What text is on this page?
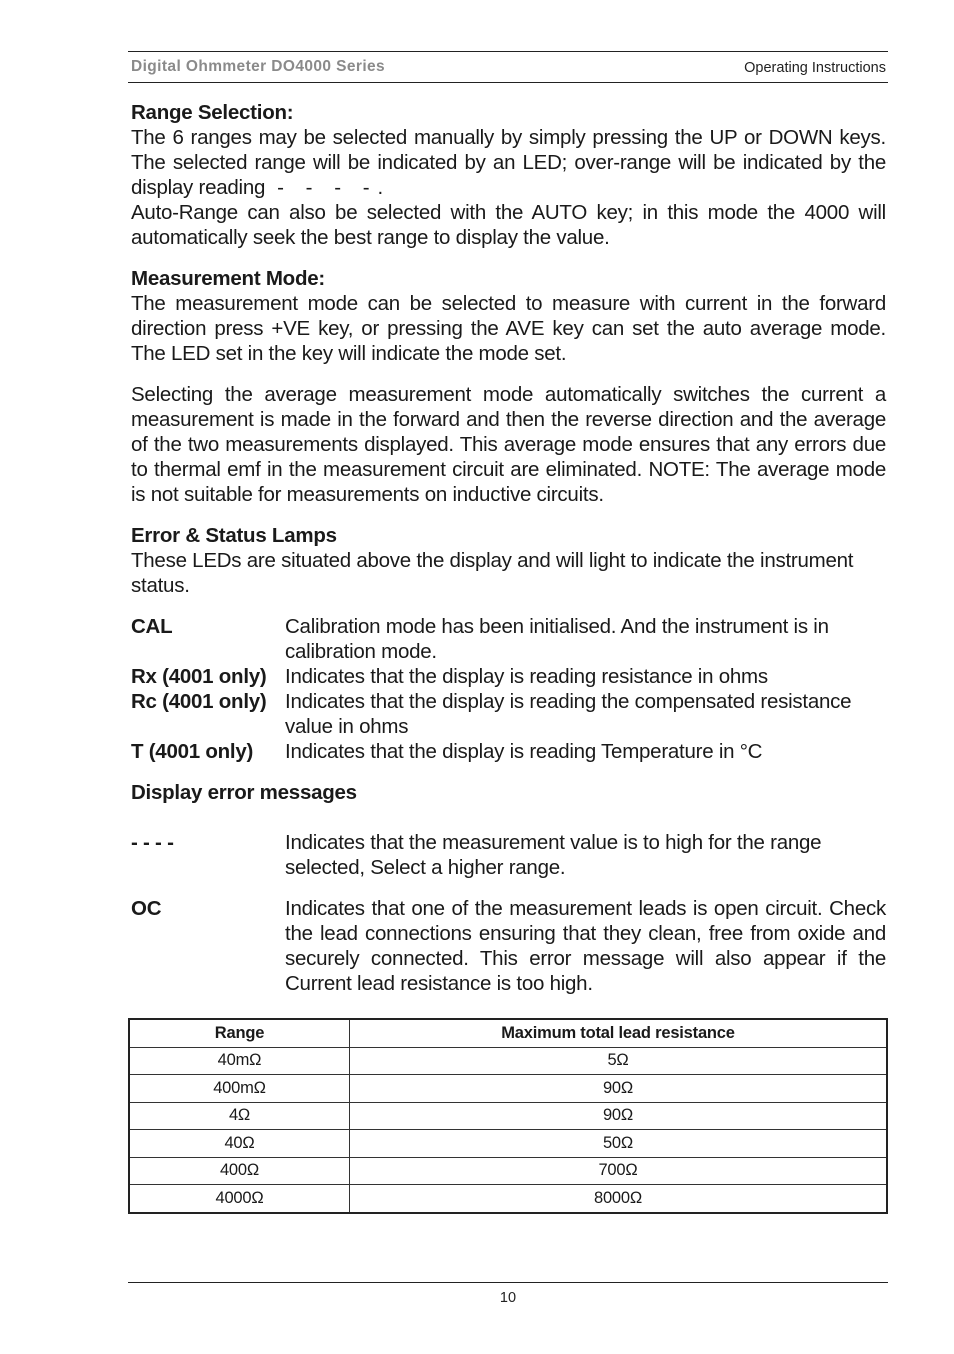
Digital Ohmmeter DO4000 Series	Operating Instructions
Range Selection:

The 6 ranges may be selected manually by simply pressing the UP or DOWN keys. The selected range will be indicated by an LED; over-range will be indicated by the display reading - - - -.

Auto-Range can also be selected with the AUTO key; in this mode the 4000 will automatically seek the best range to display the value.

Measurement Mode:

The measurement mode can be selected to measure with current in the forward direction press +VE key, or pressing the AVE key can set the auto average mode. The LED set in the key will indicate the mode set.

Selecting the average measurement mode automatically switches the current a measurement is made in the forward and then the reverse direction and the average of the two measurements displayed. This average mode ensures that any errors due to thermal emf in the measurement circuit are eliminated. NOTE: The average mode is not suitable for measurements on inductive circuits.

Error & Status Lamps

These LEDs are situated above the display and will light to indicate the instrument status.

CAL	Calibration mode has been initialised. And the instrument is in calibration mode.
Rx (4001 only) Indicates that the display is reading resistance in ohms
Rc (4001 only) Indicates that the display is reading the compensated resistance value in ohms
T (4001 only)	Indicates that the display is reading Temperature in °C
Display error messages
- - - -	Indicates that the measurement value is to high for the range selected, Select a higher range.
OC	Indicates that one of the measurement leads is open circuit. Check the lead connections ensuring that they clean, free from oxide and securely connected. This error message will also appear if the Current lead resistance is too high.
Range	Maximum total lead resistance
40mΩ	5Ω
400mΩ	90Ω
4Ω	90Ω
40Ω	50Ω
400Ω	700Ω
4000Ω	8000Ω
10
